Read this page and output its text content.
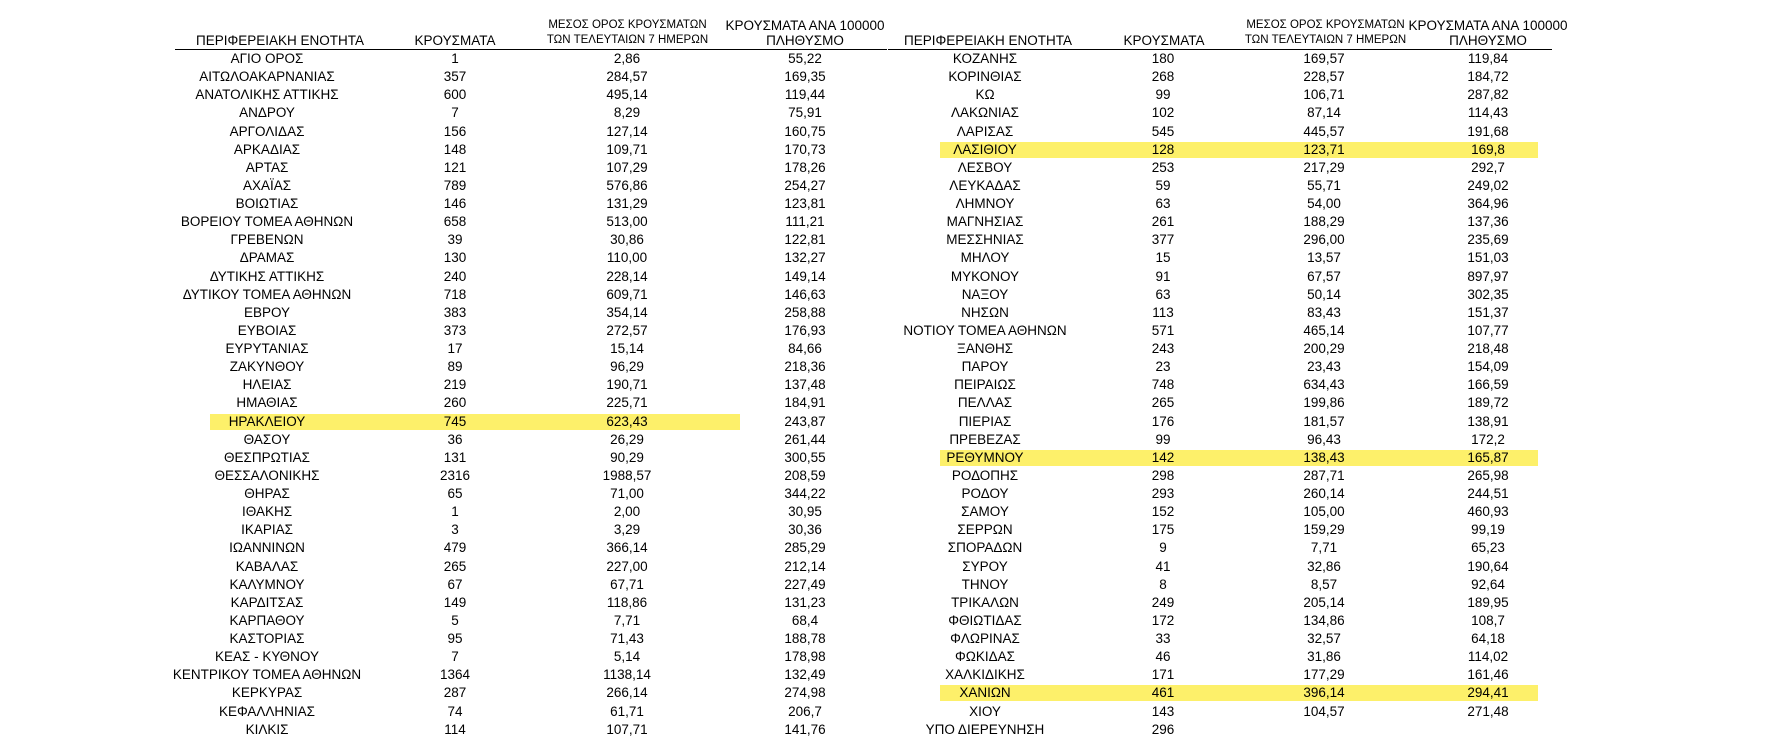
ΠΕΡΙΦΕΡΕΙΑΚΗ ΕΝΟΤΗΤΑ	ΚΡΟΥΣΜΑΤΑ
ΜΕΣΟΣ ΟΡΟΣ ΚΡΟΥΣΜΑΤΩΝ
ΤΩΝ ΤΕΛΕΥΤΑΙΩΝ 7 ΗΜΕΡΩΝ
ΚΡΟΥΣΜΑΤΑ ΑΝΑ 100000
ΠΛΗΘΥΣΜΟ
ΑΓΙΟ ΟΡΟΣ	1	2,86	55,22
ΑΙΤΩΛΟΑΚΑΡΝΑΝΙΑΣ	357	284,57	169,35
ΑΝΑΤΟΛΙΚΗΣ ΑΤΤΙΚΗΣ	600	495,14	119,44
ΑΝΔΡΟΥ	7	8,29	75,91
ΑΡΓΟΛΙΔΑΣ	156	127,14	160,75
ΑΡΚΑΔΙΑΣ	148	109,71	170,73
ΑΡΤΑΣ	121	107,29	178,26
ΑΧΑΪΑΣ	789	576,86	254,27
ΒΟΙΩΤΙΑΣ	146	131,29	123,81
ΒΟΡΕΙΟΥ ΤΟΜΕΑ ΑΘΗΝΩΝ	658	513,00	111,21
ΓΡΕΒΕΝΩΝ	39	30,86	122,81
ΔΡΑΜΑΣ	130	110,00	132,27
ΔΥΤΙΚΗΣ ΑΤΤΙΚΗΣ	240	228,14	149,14
ΔΥΤΙΚΟΥ ΤΟΜΕΑ ΑΘΗΝΩΝ	718	609,71	146,63
ΕΒΡΟΥ	383	354,14	258,88
ΕΥΒΟΙΑΣ	373	272,57	176,93
ΕΥΡΥΤΑΝΙΑΣ	17	15,14	84,66
ΖΑΚΥΝΘΟΥ	89	96,29	218,36
ΗΛΕΙΑΣ	219	190,71	137,48
ΗΜΑΘΙΑΣ	260	225,71	184,91
ΗΡΑΚΛΕΙΟΥ	745	623,43	243,87
ΘΑΣΟΥ	36	26,29	261,44
ΘΕΣΠΡΩΤΙΑΣ	131	90,29	300,55
ΘΕΣΣΑΛΟΝΙΚΗΣ	2316	1988,57	208,59
ΘΗΡΑΣ	65	71,00	344,22
ΙΘΑΚΗΣ	1	2,00	30,95
ΙΚΑΡΙΑΣ	3	3,29	30,36
ΙΩΑΝΝΙΝΩΝ	479	366,14	285,29
ΚΑΒΑΛΑΣ	265	227,00	212,14
ΚΑΛΥΜΝΟΥ	67	67,71	227,49
ΚΑΡΔΙΤΣΑΣ	149	118,86	131,23
ΚΑΡΠΑΘΟΥ	5	7,71	68,4
ΚΑΣΤΟΡΙΑΣ	95	71,43	188,78
ΚΕΑΣ - ΚΥΘΝΟΥ	7	5,14	178,98
ΚΕΝΤΡΙΚΟΥ ΤΟΜΕΑ ΑΘΗΝΩΝ	1364	1138,14	132,49
ΚΕΡΚΥΡΑΣ	287	266,14	274,98
ΚΕΦΑΛΛΗΝΙΑΣ	74	61,71	206,7
ΚΙΛΚΙΣ	114	107,71	141,76
ΠΕΡΙΦΕΡΕΙΑΚΗ ΕΝΟΤΗΤΑ	ΚΡΟΥΣΜΑΤΑ
ΜΕΣΟΣ ΟΡΟΣ ΚΡΟΥΣΜΑΤΩΝ
ΤΩΝ ΤΕΛΕΥΤΑΙΩΝ 7 ΗΜΕΡΩΝ
ΚΡΟΥΣΜΑΤΑ ΑΝΑ 100000
ΠΛΗΘΥΣΜΟ
ΚΟΖΑΝΗΣ	180	169,57	119,84
ΚΟΡΙΝΘΙΑΣ	268	228,57	184,72
ΚΩ	99	106,71	287,82
ΛΑΚΩΝΙΑΣ	102	87,14	114,43
ΛΑΡΙΣΑΣ	545	445,57	191,68
ΛΑΣΙΘΙΟΥ	128	123,71	169,8
ΛΕΣΒΟΥ	253	217,29	292,7
ΛΕΥΚΑΔΑΣ	59	55,71	249,02
ΛΗΜΝΟΥ	63	54,00	364,96
ΜΑΓΝΗΣΙΑΣ	261	188,29	137,36
ΜΕΣΣΗΝΙΑΣ	377	296,00	235,69
ΜΗΛΟΥ	15	13,57	151,03
ΜΥΚΟΝΟΥ	91	67,57	897,97
ΝΑΞΟΥ	63	50,14	302,35
ΝΗΣΩΝ	113	83,43	151,37
ΝΟΤΙΟΥ ΤΟΜΕΑ ΑΘΗΝΩΝ	571	465,14	107,77
ΞΑΝΘΗΣ	243	200,29	218,48
ΠΑΡΟΥ	23	23,43	154,09
ΠΕΙΡΑΙΩΣ	748	634,43	166,59
ΠΕΛΛΑΣ	265	199,86	189,72
ΠΙΕΡΙΑΣ	176	181,57	138,91
ΠΡΕΒΕΖΑΣ	99	96,43	172,2
ΡΕΘΥΜΝΟΥ	142	138,43	165,87
ΡΟΔΟΠΗΣ	298	287,71	265,98
ΡΟΔΟΥ	293	260,14	244,51
ΣΑΜΟΥ	152	105,00	460,93
ΣΕΡΡΩΝ	175	159,29	99,19
ΣΠΟΡΑΔΩΝ	9	7,71	65,23
ΣΥΡΟΥ	41	32,86	190,64
ΤΗΝΟΥ	8	8,57	92,64
ΤΡΙΚΑΛΩΝ	249	205,14	189,95
ΦΘΙΩΤΙΔΑΣ	172	134,86	108,7
ΦΛΩΡΙΝΑΣ	33	32,57	64,18
ΦΩΚΙΔΑΣ	46	31,86	114,02
ΧΑΛΚΙΔΙΚΗΣ	171	177,29	161,46
ΧΑΝΙΩΝ	461	396,14	294,41
ΧΙΟΥ	143	104,57	271,48
ΥΠΟ ΔΙΕΡΕΥΝΗΣΗ	296
